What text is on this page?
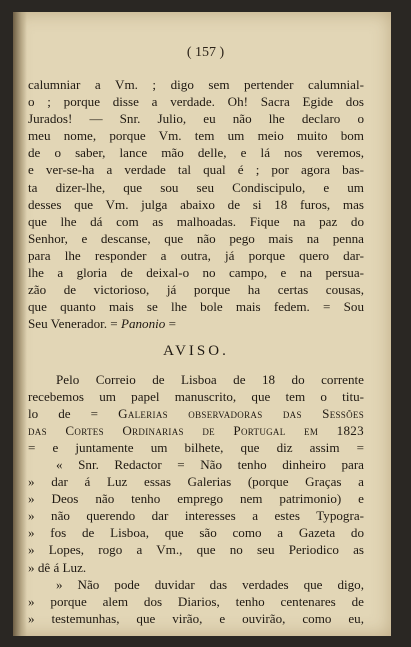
( 157 )
calumniar a Vm. ; digo sem pertender calumnial-
o ; porque disse a verdade. Oh! Sacra Egide dos
Jurados! — Snr. Julio, eu não lhe declaro o
meu nome, porque Vm. tem um meio muito bom
de o saber, lance mão delle, e lá nos veremos,
e ver-se-ha a verdade tal qual é ; por agora bas-
ta dizer-lhe, que sou seu Condiscipulo, e um
desses que Vm. julga abaixo de si 18 furos, mas
que lhe dá com as malhoadas. Fique na paz do
Senhor, e descanse, que não pego mais na penna
para lhe responder a outra, já porque quero dar-
lhe a gloria de deixal-o no campo, e na persua-
zão de victorioso, já porque ha certas cousas,
que quanto mais se lhe bole mais fedem. = Sou
Seu Venerador. = Panonio =
AVISO.
Pelo Correio de Lisboa de 18 do corrente
recebemos um papel manuscrito, que tem o titu-
lo de = Galerias observadoras das Sessões
das Cortes Ordinarias de Portugal em 1823
= e juntamente um bilhete, que diz assim =
« Snr. Redactor = Não tenho dinheiro para
» dar á Luz essas Galerias (porque Graças a
» Deos não tenho emprego nem patrimonio) e
» não querendo dar interesses a estes Typogra-
» fos de Lisboa, que são como a Gazeta do
» Lopes, rogo a Vm., que no seu Periodico as
» dê á Luz.
» Não pode duvidar das verdades que digo,
» porque alem dos Diarios, tenho centenares de
» testemunhas, que virão, e ouvirão, como eu,
